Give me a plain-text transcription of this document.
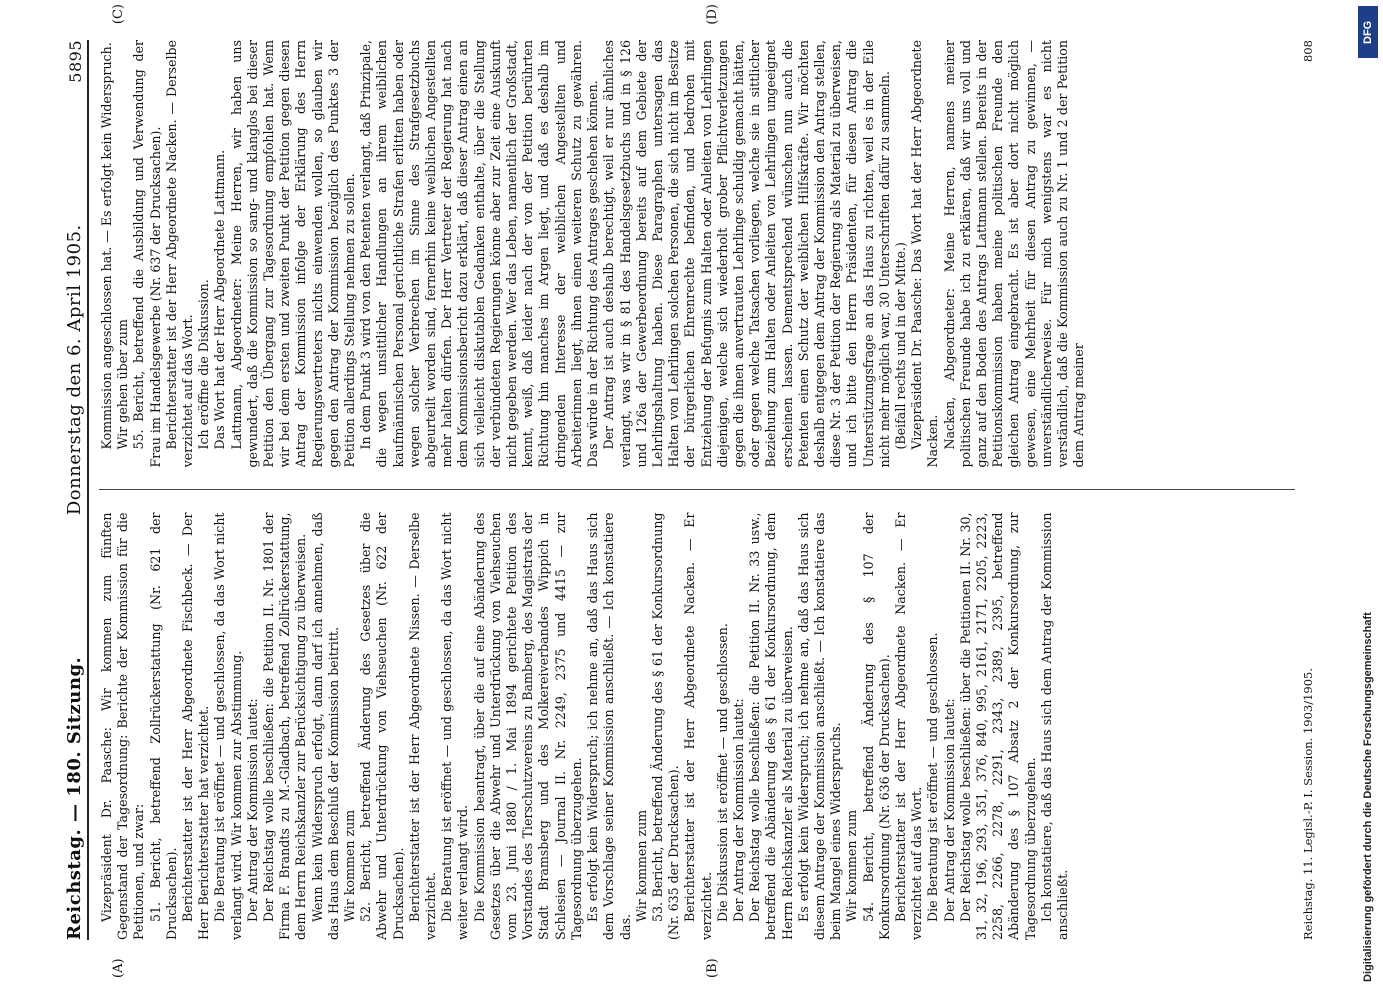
Reichstag. — 180. Sitzung.
Donnerstag den 6. April 1905.
5895
(A)	(B)
(C)	(D)

Vizepräsident Dr. Paasche: Wir kommen zum fünften Gegenstand der Tagesordnung: Berichte der Kommission für die Petitionen, und zwar: 51. Bericht, betreffend Zollrückerstattung (Nr. 621 der Drucksachen). Berichterstatter ist der Herr Abgeordnete Fischbeck. — Der Herr Berichterstatter hat verzichtet. Die Beratung ist eröffnet — und geschlossen, da das Wort nicht verlangt wird. Wir kommen zur Abstimmung. Der Antrag der Kommission lautet: Der Reichstag wolle beschließen: die Petition II. Nr. 1801 der Firma F. Brandts zu M.-Gladbach, betreffend Zollrückerstattung, dem Herrn Reichskanzler zur Berücksichtigung zu überweisen. Wenn kein Widerspruch erfolgt, dann darf ich annehmen, daß das Haus dem Beschluß der Kommission beitritt. Wir kommen zum 52. Bericht, betreffend Änderung des Gesetzes über die Abwehr und Unterdrückung von Viehseuchen (Nr. 622 der Drucksachen). Berichterstatter ist der Herr Abgeordnete Nissen. — Derselbe verzichtet. Die Beratung ist eröffnet — und geschlossen, da das Wort nicht weiter verlangt wird. Die Kommission beantragt, über die auf eine Abänderung des Gesetzes über die Abwehr und Unterdrückung von Viehseuchen vom 23. Juni 1880 / 1. Mai 1894 gerichtete Petition des Vorstandes des Tierschutzvereins zu Bamberg, des Magistrats der Stadt Bramsberg und des Molkereiverbandes Wippich in Schlesien — Journal II. Nr. 2249, 2375 und 4415 — zur Tagesordnung überzugehen. Es erfolgt kein Widerspruch; ich nehme an, daß das Haus sich dem Vorschlage seiner Kommission anschließt. — Ich konstatiere das.

Wir kommen zum 53. Bericht, betreffend Änderung des § 61 der Konkursordnung (Nr. 635 der Drucksachen). Berichterstatter ist der Herr Abgeordnete Nacken. — Er verzichtet. Die Diskussion ist eröffnet — und geschlossen. Der Antrag der Kommission lautet: Der Reichstag wolle beschließen: die Petition II. Nr. 33 usw., betreffend die Abänderung des § 61 der Konkursordnung, dem Herrn Reichskanzler als Material zu überweisen. Es erfolgt kein Widerspruch; ich nehme an, daß das Haus sich diesem Antrage der Kommission anschließt. — Ich konstatiere das beim Mangel eines Widerspruchs. Wir kommen zum 54. Bericht, betreffend Änderung des § 107 der Konkursordnung (Nr. 636 der Drucksachen). Berichterstatter ist der Herr Abgeordnete Nacken. — Er verzichtet auf das Wort. Die Beratung ist eröffnet — und geschlossen. Der Antrag der Kommission lautet: Der Reichstag wolle beschließen: über die Petitionen II. Nr. 30, 31, 32, 196, 293, 351, 376, 840, 995, 2161, 2171, 2205, 2223, 2258, 2266, 2278, 2291, 2343, 2389, 2395, betreffend Abänderung des § 107 Absatz 2 der Konkursordnung, zur Tagesordnung überzugehen. Ich konstatiere, daß das Haus sich dem Antrag der Kommission anschließt.

Kommission angeschlossen hat. — Es erfolgt kein Widerspruch. Wir gehen über zum 55. Bericht, betreffend die Ausbildung und Verwendung der Frau im Handelsgewerbe (Nr. 637 der Drucksachen). Berichterstatter ist der Herr Abgeordnete Nacken. — Derselbe verzichtet auf das Wort. Ich eröffne die Diskussion. Das Wort hat der Herr Abgeordnete Lattmann. Lattmann, Abgeordneter: Meine Herren, wir haben uns gewundert, daß die Kommission so sang- und klanglos bei dieser Petition den Übergang zur Tagesordnung empfohlen hat. Wenn wir bei dem ersten und zweiten Punkt der Petition gegen diesen Antrag der Kommission infolge der Erklärung des Herrn Regierungsvertreters nichts einwenden wollen, so glauben wir gegen den Antrag der Kommission bezüglich des Punktes 3 der Petition allerdings Stellung nehmen zu sollen. In dem Punkt 3 wird von den Petenten verlangt, daß Prinzipale, die wegen unsittlicher Handlungen an ihrem weiblichen kaufmännischen Personal gerichtliche Strafen erlitten haben oder wegen solcher Verbrechen im Sinne des Strafgesetzbuchs abgeurteilt worden sind, fernerhin keine weiblichen Angestellten mehr halten dürfen. Der Herr Vertreter der Regierung hat nach dem Kommissionsbericht dazu erklärt, daß dieser Antrag einen an sich vielleicht diskutablen Gedanken enthalte, über die Stellung der verbündeten Regierungen könne aber zur Zeit eine Auskunft nicht gegeben werden. Wer das Leben, namentlich der Großstadt, kennt, weiß, daß leider nach der von der Petition berührten Richtung hin manches im Argen liegt, und daß es deshalb im dringenden Interesse der weiblichen Angestellten und Arbeiterinnen liegt, ihnen einen weiteren Schutz zu gewähren. Das würde in der Richtung des Antrages geschehen können. Der Antrag ist auch deshalb berechtigt, weil er nur ähnliches verlangt, was wir in § 81 des Handelsgesetzbuchs und in § 126 und 126a der Gewerbeordnung bereits auf dem Gebiete der Lehrlingshaltung haben. Diese Paragraphen untersagen das Halten von Lehrlingen solchen Personen, die sich nicht im Besitze der bürgerlichen Ehrenrechte befinden, und bedrohen mit Entziehung der Befugnis zum Halten oder Anleiten von Lehrlingen diejenigen, welche sich wiederholt grober Pflichtverletzungen gegen die ihnen anvertrauten Lehrlinge schuldig gemacht hätten, oder gegen welche Tatsachen vorliegen, welche sie in sittlicher Beziehung zum Halten oder Anleiten von Lehrlingen ungeeignet erscheinen lassen. Dementsprechend wünschen nun auch die Petenten einen Schutz der weiblichen Hilfskräfte. Wir möchten deshalb entgegen dem Antrag der Kommission den Antrag stellen, diese Nr. 3 der Petition der Regierung als Material zu überweisen, und ich bitte den Herrn Präsidenten, für diesen Antrag die Unterstützungsfrage an das Haus zu richten, weil es in der Eile nicht mehr möglich war, 30 Unterschriften dafür zu sammeln. (Beifall rechts und in der Mitte.) Vizepräsident Dr. Paasche: Das Wort hat der Herr Abgeordnete Nacken. Nacken, Abgeordneter: Meine Herren, namens meiner politischen Freunde habe ich zu erklären, daß wir uns voll und ganz auf den Boden des Antrags Lattmann stellen. Bereits in der Petitionskommission haben meine politischen Freunde den gleichen Antrag eingebracht. Es ist aber dort nicht möglich gewesen, eine Mehrheit für diesen Antrag zu gewinnen, — unverständlicherweise. Für mich wenigstens war es nicht verständlich, daß die Kommission auch zu Nr. 1 und 2 der Petition dem Antrag meiner

Reichstag. 11. Legisl.-P. I. Session. 1903/1905.
808
DFG
Digitalisierung gefördert durch die Deutsche Forschungsgemeinschaft
